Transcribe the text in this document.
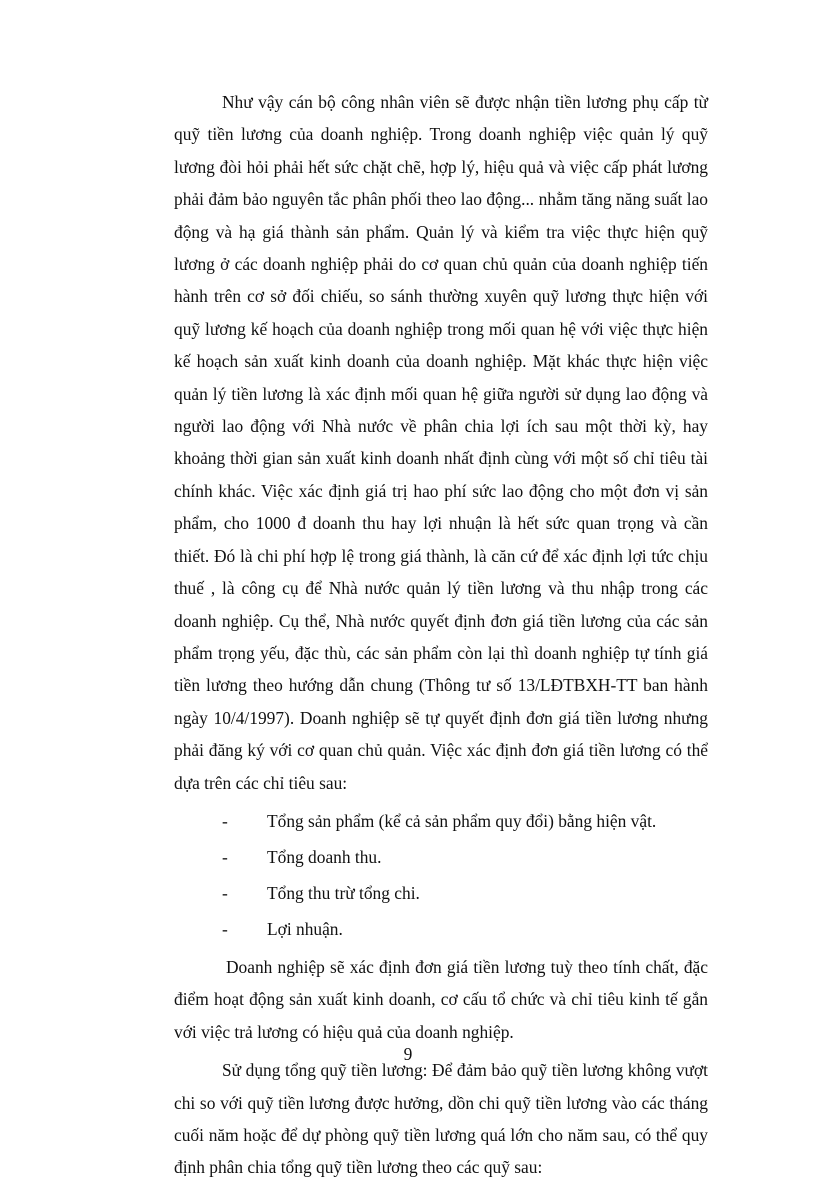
Như vậy cán bộ công nhân viên sẽ được nhận tiền lương phụ cấp từ quỹ tiền lương của doanh nghiệp. Trong doanh nghiệp việc quản lý quỹ lương đòi hỏi phải hết sức chặt chẽ, hợp lý, hiệu quả và việc cấp phát lương phải đảm bảo nguyên tắc phân phối theo lao động... nhằm tăng năng suất lao động và hạ giá thành sản phẩm. Quản lý và kiểm tra việc thực hiện quỹ lương ở các doanh nghiệp phải do cơ quan chủ quản của doanh nghiệp tiến hành trên cơ sở đối chiếu, so sánh thường xuyên quỹ lương thực hiện với quỹ lương kế hoạch của doanh nghiệp trong mối quan hệ với việc thực hiện kế hoạch sản xuất kinh doanh của doanh nghiệp. Mặt khác thực hiện việc quản lý tiền lương là xác định mối quan hệ giữa người sử dụng lao động và người lao động với Nhà nước về phân chia lợi ích sau một thời kỳ, hay khoảng thời gian sản xuất kinh doanh nhất định cùng với một số chỉ tiêu tài chính khác. Việc xác định giá trị hao phí sức lao động cho một đơn vị sản phẩm, cho 1000 đ doanh thu hay lợi nhuận là hết sức quan trọng và cần thiết. Đó là chi phí hợp lệ trong giá thành, là căn cứ để xác định lợi tức chịu thuế , là công cụ để Nhà nước quản lý tiền lương và thu nhập trong các doanh nghiệp. Cụ thể, Nhà nước quyết định đơn giá tiền lương của các sản phẩm trọng yếu, đặc thù, các sản phẩm còn lại thì doanh nghiệp tự tính giá tiền lương theo hướng dẫn chung (Thông tư số 13/LĐTBXH-TT ban hành ngày 10/4/1997). Doanh nghiệp sẽ tự quyết định đơn giá tiền lương nhưng phải đăng ký với cơ quan chủ quản. Việc xác định đơn giá tiền lương có thể dựa trên các chỉ tiêu sau:

- Tổng sản phẩm (kể cả sản phẩm quy đổi) bằng hiện vật.
- Tổng doanh thu.
- Tổng thu trừ tổng chi.
- Lợi nhuận.

Doanh nghiệp sẽ xác định đơn giá tiền lương tuỳ theo tính chất, đặc điểm hoạt động sản xuất kinh doanh, cơ cấu tổ chức và chỉ tiêu kinh tế gắn với việc trả lương có hiệu quả của doanh nghiệp.

Sử dụng tổng quỹ tiền lương: Để đảm bảo quỹ tiền lương không vượt chi so với quỹ tiền lương được hưởng, dồn chi quỹ tiền lương vào các tháng cuối năm hoặc để dự phòng quỹ tiền lương quá lớn cho năm sau, có thể quy định phân chia tổng quỹ tiền lương theo các quỹ sau:

9
